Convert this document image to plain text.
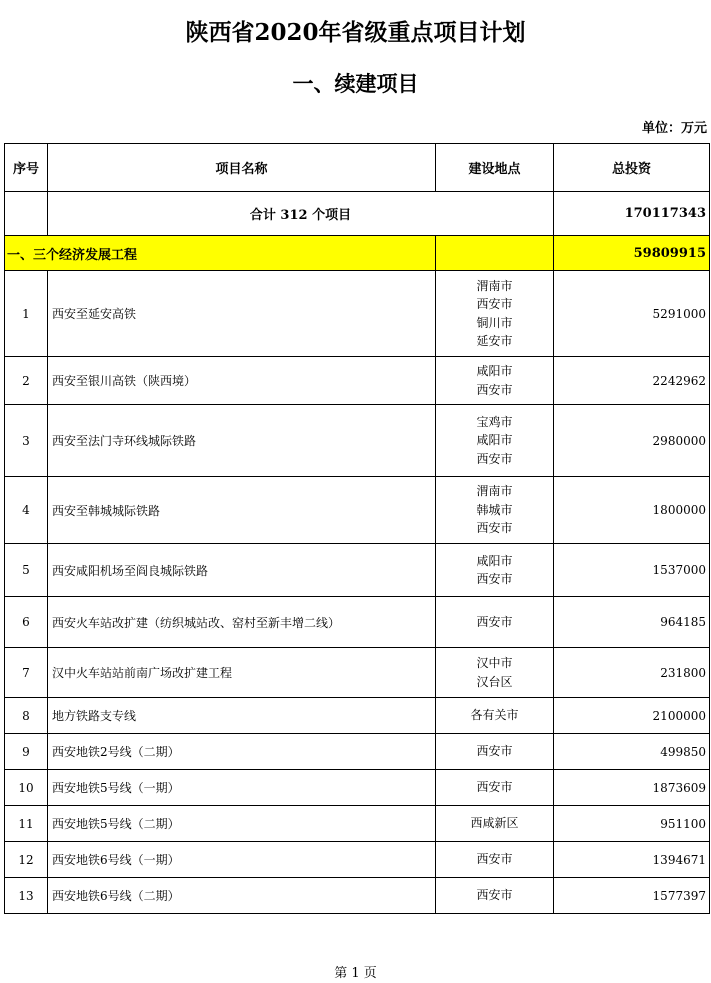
陕西省2020年省级重点项目计划
一、续建项目
单位：万元
序号	项目名称	建设地点	总投资
	合计 312 个项目		170117343
一、三个经济发展工程			59809915
1	西安至延安高铁	渭南市
西安市
铜川市
延安市	5291000
2	西安至银川高铁（陕西境）	咸阳市
西安市	2242962
3	西安至法门寺环线城际铁路	宝鸡市
咸阳市
西安市	2980000
4	西安至韩城城际铁路	渭南市
韩城市
西安市	1800000
5	西安咸阳机场至阎良城际铁路	咸阳市
西安市	1537000
6	西安火车站改扩建（纺织城站改、窑村至新丰增二线）	西安市	964185
7	汉中火车站站前南广场改扩建工程	汉中市
汉台区	231800
8	地方铁路支专线	各有关市	2100000
9	西安地铁2号线（二期）	西安市	499850
10	西安地铁5号线（一期）	西安市	1873609
11	西安地铁5号线（二期）	西咸新区	951100
12	西安地铁6号线（一期）	西安市	1394671
13	西安地铁6号线（二期）	西安市	1577397
第 1 页
